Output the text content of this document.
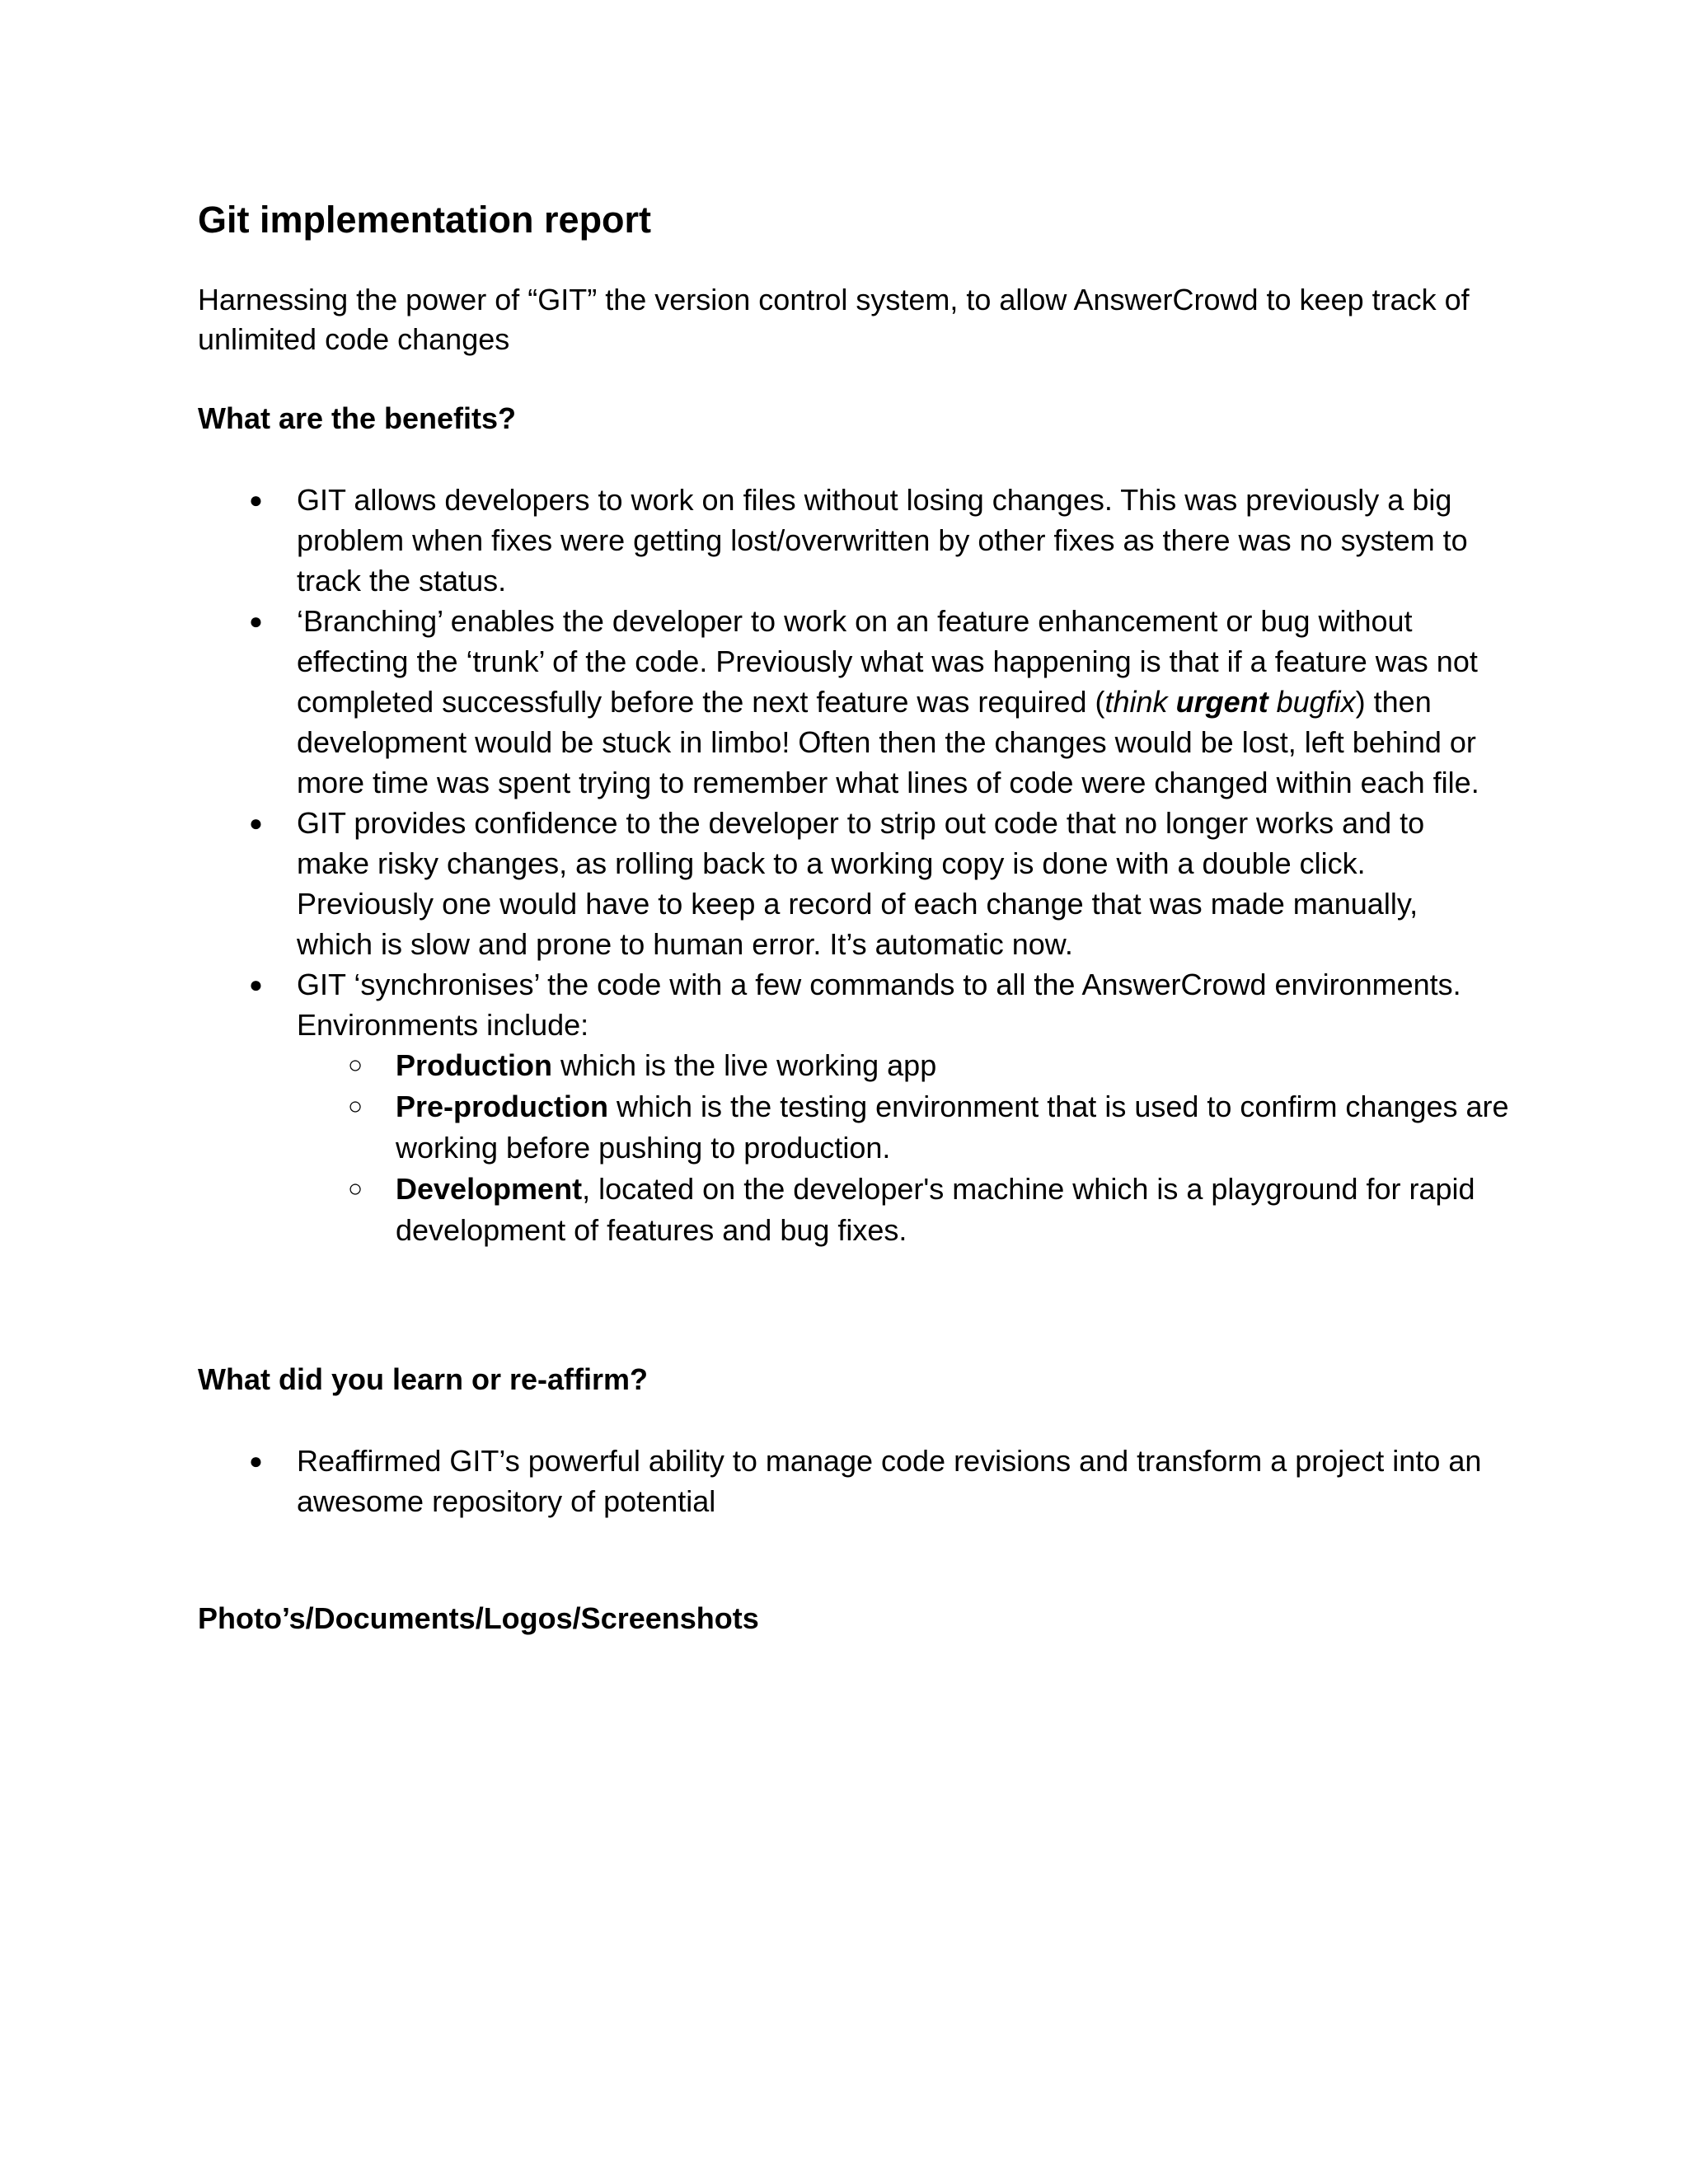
Git implementation report

Harnessing the power of “GIT” the version control system, to allow AnswerCrowd to keep track of unlimited code changes

What are the benefits?
● GIT allows developers to work on files without losing changes. This was previously a big problem when fixes were getting lost/overwritten by other fixes as there was no system to track the status.
● ‘Branching’ enables the developer to work on an feature enhancement or bug without effecting the ‘trunk’ of the code. Previously what was happening is that if a feature was not completed successfully before the next feature was required (think urgent bugfix) then development would be stuck in limbo! Often then the changes would be lost, left behind or more time was spent trying to remember what lines of code were changed within each file.
● GIT provides confidence to the developer to strip out code that no longer works and to make risky changes, as rolling back to a working copy is done with a double click. Previously one would have to keep a record of each change that was made manually, which is slow and prone to human error. It’s automatic now.
● GIT ‘synchronises’ the code with a few commands to all the AnswerCrowd environments. Environments include:
○ Production which is the live working app
○ Pre-production which is the testing environment that is used to confirm changes are working before pushing to production.
○ Development, located on the developer's machine which is a playground for rapid development of features and bug fixes.
What did you learn or re-affirm?
● Reaffirmed GIT’s powerful ability to manage code revisions and transform a project into an awesome repository of potential
Photo’s/Documents/Logos/Screenshots
